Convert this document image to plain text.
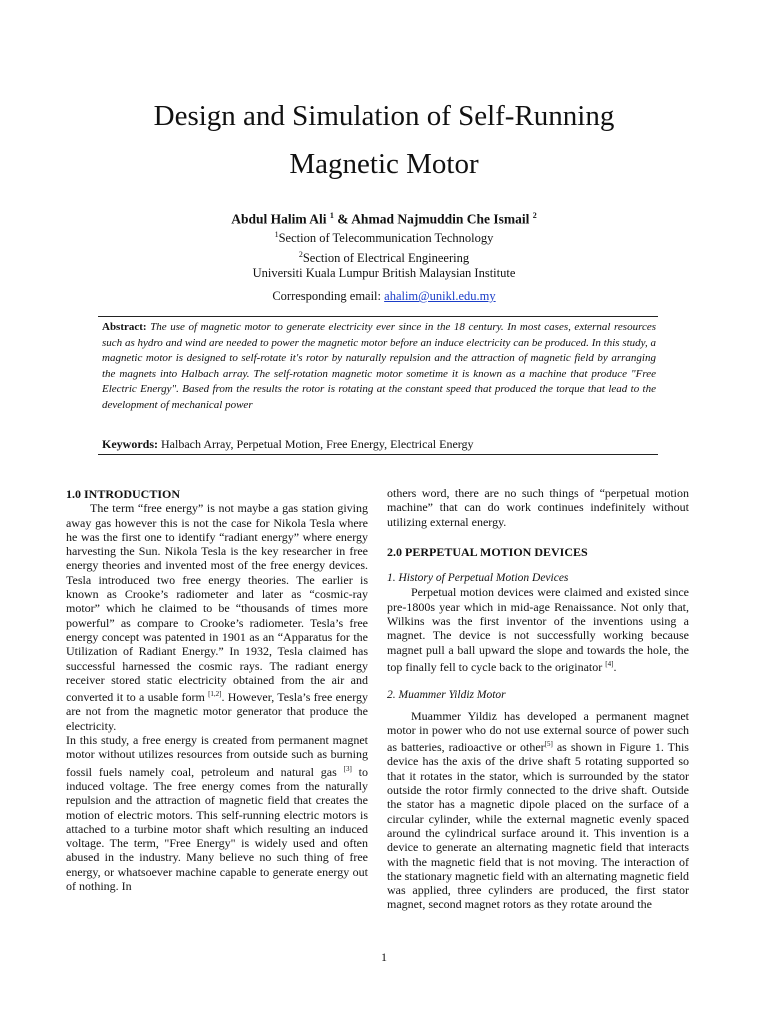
Design and Simulation of Self-Running
Magnetic Motor
Abdul Halim Ali $^1$ & Ahmad Najmuddin Che Ismail $^2$
$^1$Section of Telecommunication Technology
$^2$Section of Electrical Engineering
Universiti Kuala Lumpur British Malaysian Institute
Corresponding email: ahalim@unikl.edu.my
Abstract: The use of magnetic motor to generate electricity ever since in the 18 century. In most cases, external resources such as hydro and wind are needed to power the magnetic motor before an induce electricity can be produced. In this study, a magnetic motor is designed to self-rotate it's rotor by naturally repulsion and the attraction of magnetic field by arranging the magnets into Halbach array. The self-rotation magnetic motor sometime it is known as a machine that produce "Free Electric Energy". Based from the results the rotor is rotating at the constant speed that produced the torque that lead to the development of mechanical power
Keywords: Halbach Array, Perpetual Motion, Free Energy, Electrical Energy

1.0 INTRODUCTION

The term “free energy” is not maybe a gas station giving away gas however this is not the case for Nikola Tesla where he was the first one to identify “radiant energy” where energy harvesting the Sun. Nikola Tesla is the key researcher in free energy theories and invented most of the free energy devices. Tesla introduced two free energy theories. The earlier is known as Crooke’s radiometer and later as “cosmic-ray motor” which he claimed to be “thousands of times more powerful” as compare to Crooke’s radiometer. Tesla’s free energy concept was patented in 1901 as an “Apparatus for the Utilization of Radiant Energy.” In 1932, Tesla claimed has successful harnessed the cosmic rays. The radiant energy receiver stored static electricity obtained from the air and converted it to a usable form [1,2]. However, Tesla’s free energy are not from the magnetic motor generator that produce the electricity.

In this study, a free energy is created from permanent magnet motor without utilizes resources from outside such as burning fossil fuels namely coal, petroleum and natural gas [3] to induced voltage. The free energy comes from the naturally repulsion and the attraction of magnetic field that creates the motion of electric motors. This self-running electric motors is attached to a turbine motor shaft which resulting an induced voltage. The term, "Free Energy" is widely used and often abused in the industry. Many believe no such thing of free energy, or whatsoever machine capable to generate energy out of nothing. In

others word, there are no such things of “perpetual motion machine” that can do work continues indefinitely without utilizing external energy.

2.0 PERPETUAL MOTION DEVICES

1. History of Perpetual Motion Devices

Perpetual motion devices were claimed and existed since pre-1800s year which in mid-age Renaissance. Not only that, Wilkins was the first inventor of the inventions using a magnet. The device is not successfully working because magnet pull a ball upward the slope and towards the hole, the top finally fell to cycle back to the originator [4].

2. Muammer Yildiz Motor

Muammer Yildiz has developed a permanent magnet motor in power who do not use external source of power such as batteries, radioactive or other[5] as shown in Figure 1. This device has the axis of the drive shaft 5 rotating supported so that it rotates in the stator, which is surrounded by the stator outside the rotor firmly connected to the drive shaft. Outside the stator has a magnetic dipole placed on the surface of a circular cylinder, while the external magnetic evenly spaced around the cylindrical surface around it. This invention is a device to generate an alternating magnetic field that interacts with the magnetic field that is not moving. The interaction of the stationary magnetic field with an alternating magnetic field was applied, three cylinders are produced, the first stator magnet, second magnet rotors as they rotate around the

1
